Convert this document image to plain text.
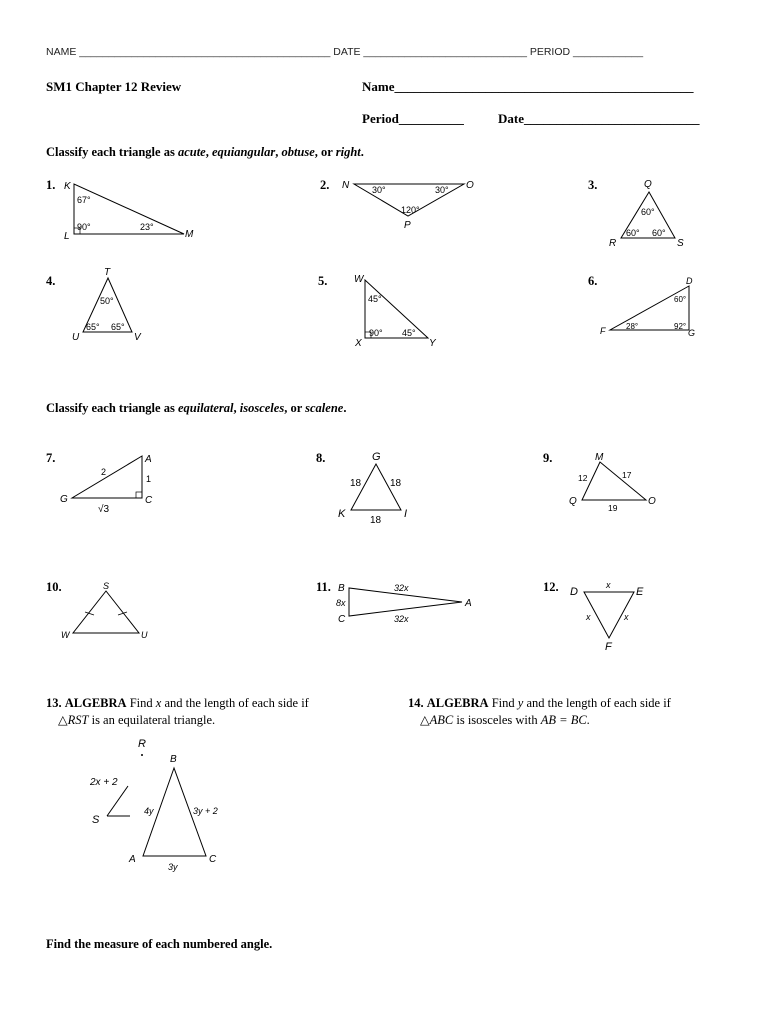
NAME ___________________________________________ DATE ____________________________ PERIOD ____________
SM1 Chapter 12 Review	Name______________________________________________
Period__________	Date___________________________
Classify each triangle as acute, equiangular, obtuse, or right.
1.	2.	3.
4.	5.	6.
K
L	M
67°
90°	23°
N	O
P
30°	30°
120°
Q
R	S
60°
60° 60°
T
U	V
50°
65° 65°
W
X	Y
45°
90° 45°
D
F	G
60°
28°	92°
Classify each triangle as equilateral, isosceles, or scalene.
7.	8.	9.
A
G	C
2
1
√3
G
K	I
18	18
18
M
Q	O
12	17
19
10.	11.	12.
S
W	U
B
C
A
32x
8x
32x
D	E
F
x
x	x
13. ALGEBRA Find x and the length of each side if
△RST is an equilateral triangle.
14. ALGEBRA Find y and the length of each side if
△ABC is isosceles with AB = BC.
R
S
2x + 2
B
A	C
4y	3y + 2
3y
Find the measure of each numbered angle.
